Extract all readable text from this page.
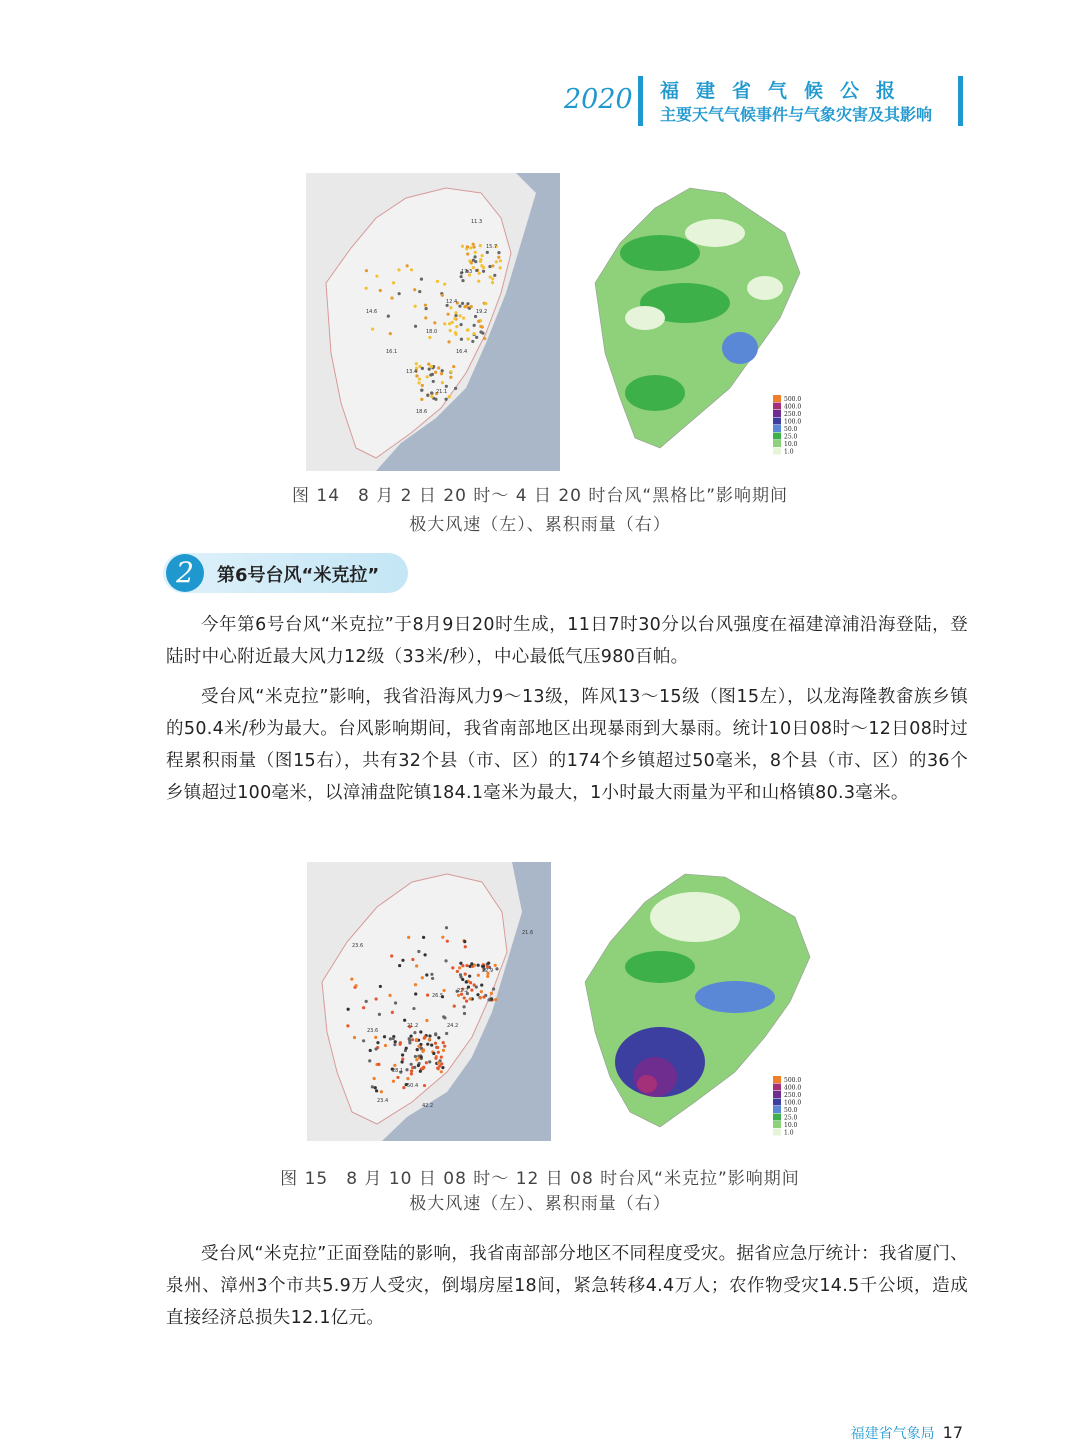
2020 福建省气候公报
主要天气气候事件与气象灾害及其影响
11.3
15.7
17.3
12.4
19.2
18.0
16.4
13.4
21.1
14.6
16.1
18.6
500.0
400.0
250.0
100.0
50.0
25.0
10.0
1.0
图 14　8 月 2 日 20 时～ 4 日 20 时台风“黑格比”影响期间
极大风速（左）、累积雨量（右）
2	第6号台风“米克拉”
今年第6号台风“米克拉”于8月9日20时生成，11日7时30分以台风强度在福建漳浦沿海登陆，登陆时中心附近最大风力12级（33米/秒），中心最低气压980百帕。
受台风“米克拉”影响，我省沿海风力9～13级，阵风13～15级（图15左），以龙海隆教畲族乡镇的50.4米/秒为最大。台风影响期间，我省南部地区出现暴雨到大暴雨。统计10日08时～12日08时过程累积雨量（图15右），共有32个县（市、区）的174个乡镇超过50毫米，8个县（市、区）的36个乡镇超过100毫米，以漳浦盘陀镇184.1毫米为最大，1小时最大雨量为平和山格镇80.3毫米。
23.6
21.6
22.9
26.5
22.2
23.6
21.2	24.2
28.1
23.4
42.2
50.4
500.0
400.0
250.0
100.0
50.0
25.0
10.0
1.0
图 15　8 月 10 日 08 时～ 12 日 08 时台风“米克拉”影响期间
极大风速（左）、累积雨量（右）
受台风“米克拉”正面登陆的影响，我省南部部分地区不同程度受灾。据省应急厅统计：我省厦门、泉州、漳州3个市共5.9万人受灾，倒塌房屋18间，紧急转移4.4万人；农作物受灾14.5千公顷，造成直接经济总损失12.1亿元。
福建省气象局 17
